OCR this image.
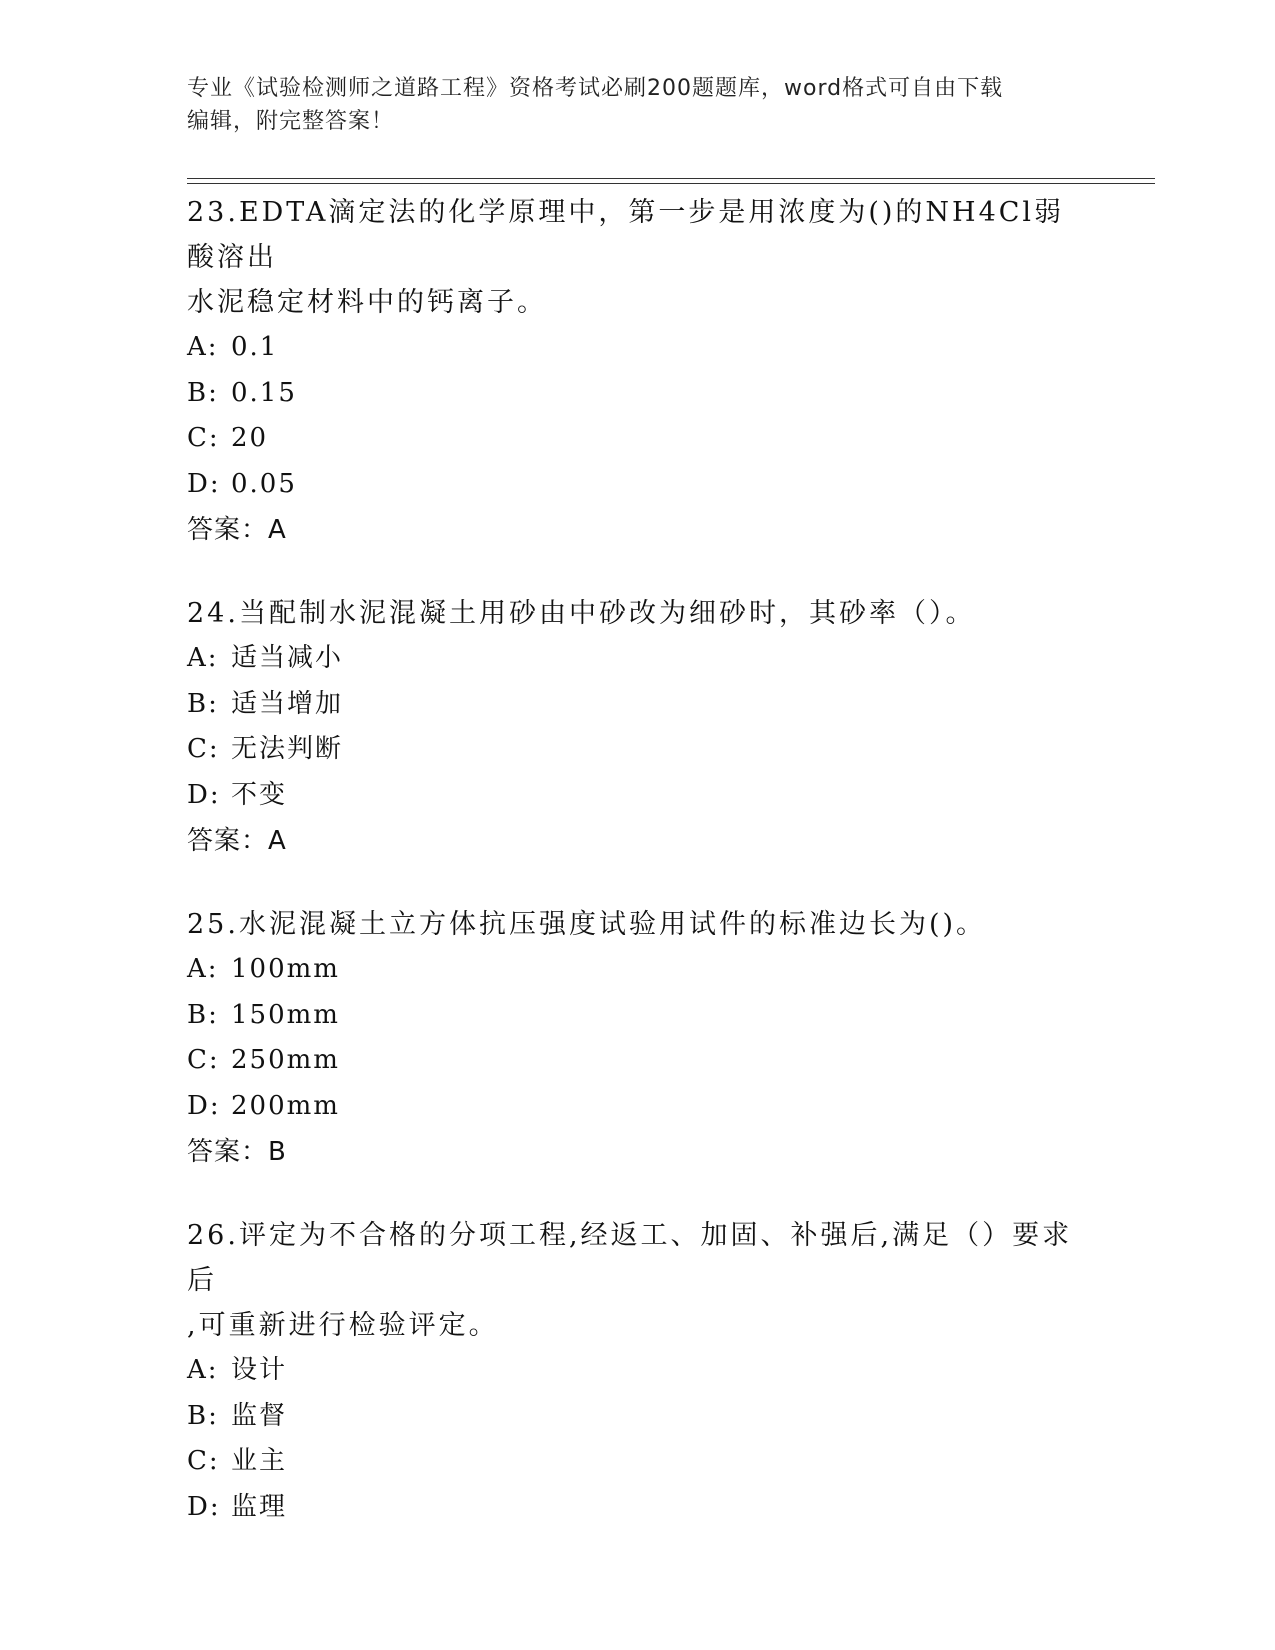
专业《试验检测师之道路工程》资格考试必刷200题题库，word格式可自由下载
编辑，附完整答案！
23.EDTA滴定法的化学原理中，第一步是用浓度为()的NH4Cl弱酸溶出
水泥稳定材料中的钙离子。
A: 0.1
B: 0.15
C: 20
D: 0.05
答案：A
24.当配制水泥混凝土用砂由中砂改为细砂时，其砂率（）。
A: 适当减小
B: 适当增加
C: 无法判断
D: 不变
答案：A
25.水泥混凝土立方体抗压强度试验用试件的标准边长为()。
A: 100mm
B: 150mm
C: 250mm
D: 200mm
答案：B
26.评定为不合格的分项工程,经返工、加固、补强后,满足（）要求后
,可重新进行检验评定。
A: 设计
B: 监督
C: 业主
D: 监理
